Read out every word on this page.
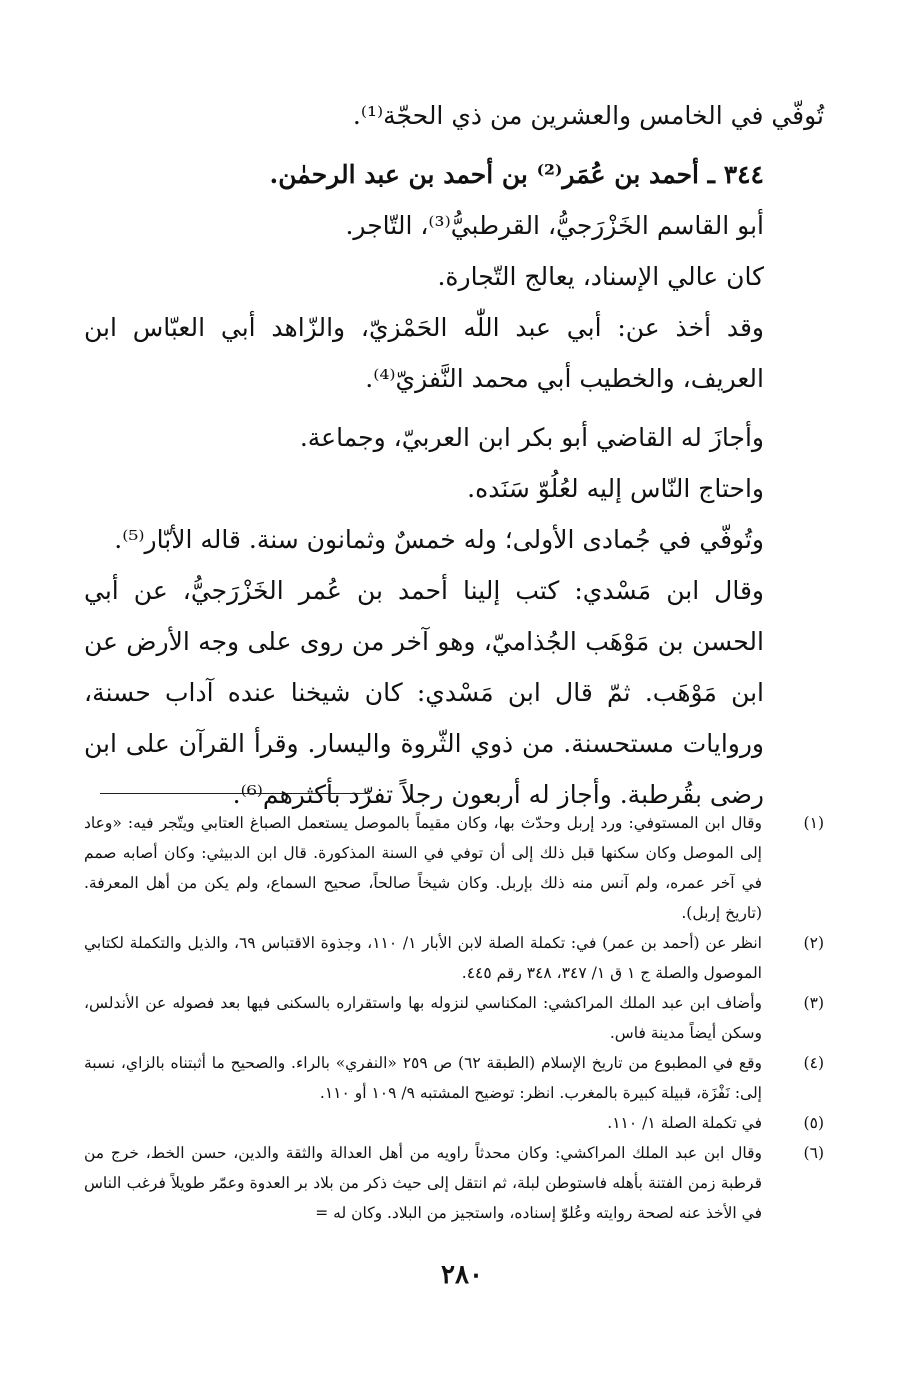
تُوفّي في الخامس والعشرين من ذي الحجّة⁽¹⁾.

٣٤٤ ـ أحمد بن عُمَر⁽²⁾ بن أحمد بن عبد الرحمٰن.

أبو القاسم الخَزْرَجيُّ، القرطبيُّ⁽³⁾، التّاجر.

كان عالي الإسناد، يعالج التّجارة.

وقد أخذ عن: أبي عبد اللّٰه الحَمْزيّ، والزّاهد أبي العبّاس ابن العريف، والخطيب أبي محمد النَّفزيّ⁽⁴⁾.

وأجازَ له القاضي أبو بكر ابن العربيّ، وجماعة.

واحتاج النّاس إليه لعُلُوّ سَنَده.

وتُوفّي في جُمادى الأولى؛ وله خمسٌ وثمانون سنة. قاله الأبّار⁽⁵⁾.

وقال ابن مَسْدي: كتب إلينا أحمد بن عُمر الخَزْرَجيُّ، عن أبي الحسن بن مَوْهَب الجُذاميّ، وهو آخر من روى على وجه الأرض عن ابن مَوْهَب. ثمّ قال ابن مَسْدي: كان شيخنا عنده آداب حسنة، وروايات مستحسنة. من ذوي الثّروة واليسار. وقرأ القرآن على ابن رضى بقُرطبة. وأجاز له أربعون رجلاً تفرّد بأكثرهم⁽⁶⁾.

(١)
وقال ابن المستوفي: ورد إربل وحدّث بها، وكان مقيماً بالموصل يستعمل الصباغ العتابي ويتّجر فيه: «وعاد إلى الموصل وكان سكنها قبل ذلك إلى أن توفي في السنة المذكورة. قال ابن الدبيثي: وكان أصابه صمم في آخر عمره، ولم آنس منه ذلك بإربل. وكان شيخاً صالحاً، صحيح السماع، ولم يكن من أهل المعرفة. (تاريخ إربل).
(٢)
انظر عن (أحمد بن عمر) في: تكملة الصلة لابن الأبار ١/ ١١٠، وجذوة الاقتباس ٦٩، والذيل والتكملة لكتابي الموصول والصلة ج ١ ق ١/ ٣٤٧، ٣٤٨ رقم ٤٤٥.
(٣)
وأضاف ابن عبد الملك المراكشي: المكناسي لنزوله بها واستقراره بالسكنى فيها بعد فصوله عن الأندلس، وسكن أيضاً مدينة فاس.
(٤)
وقع في المطبوع من تاريخ الإسلام (الطبقة ٦٢) ص ٢٥٩ «النفري» بالراء. والصحيح ما أثبتناه بالزاي، نسبة إلى: نَفْزَة، قبيلة كبيرة بالمغرب. انظر: توضيح المشتبه ٩/ ١٠٩ أو ١١٠.
(٥)
في تكملة الصلة ١/ ١١٠.
(٦)
وقال ابن عبد الملك المراكشي: وكان محدثاً راويه من أهل العدالة والثقة والدين، حسن الخط، خرج من قرطبة زمن الفتنة بأهله فاستوطن لبلة، ثم انتقل إلى حيث ذكر من بلاد بر العدوة وعمّر طويلاً فرغب الناس في الأخذ عنه لصحة روايته وعُلوّ إسناده، واستجيز من البلاد. وكان له =
٢٨٠
